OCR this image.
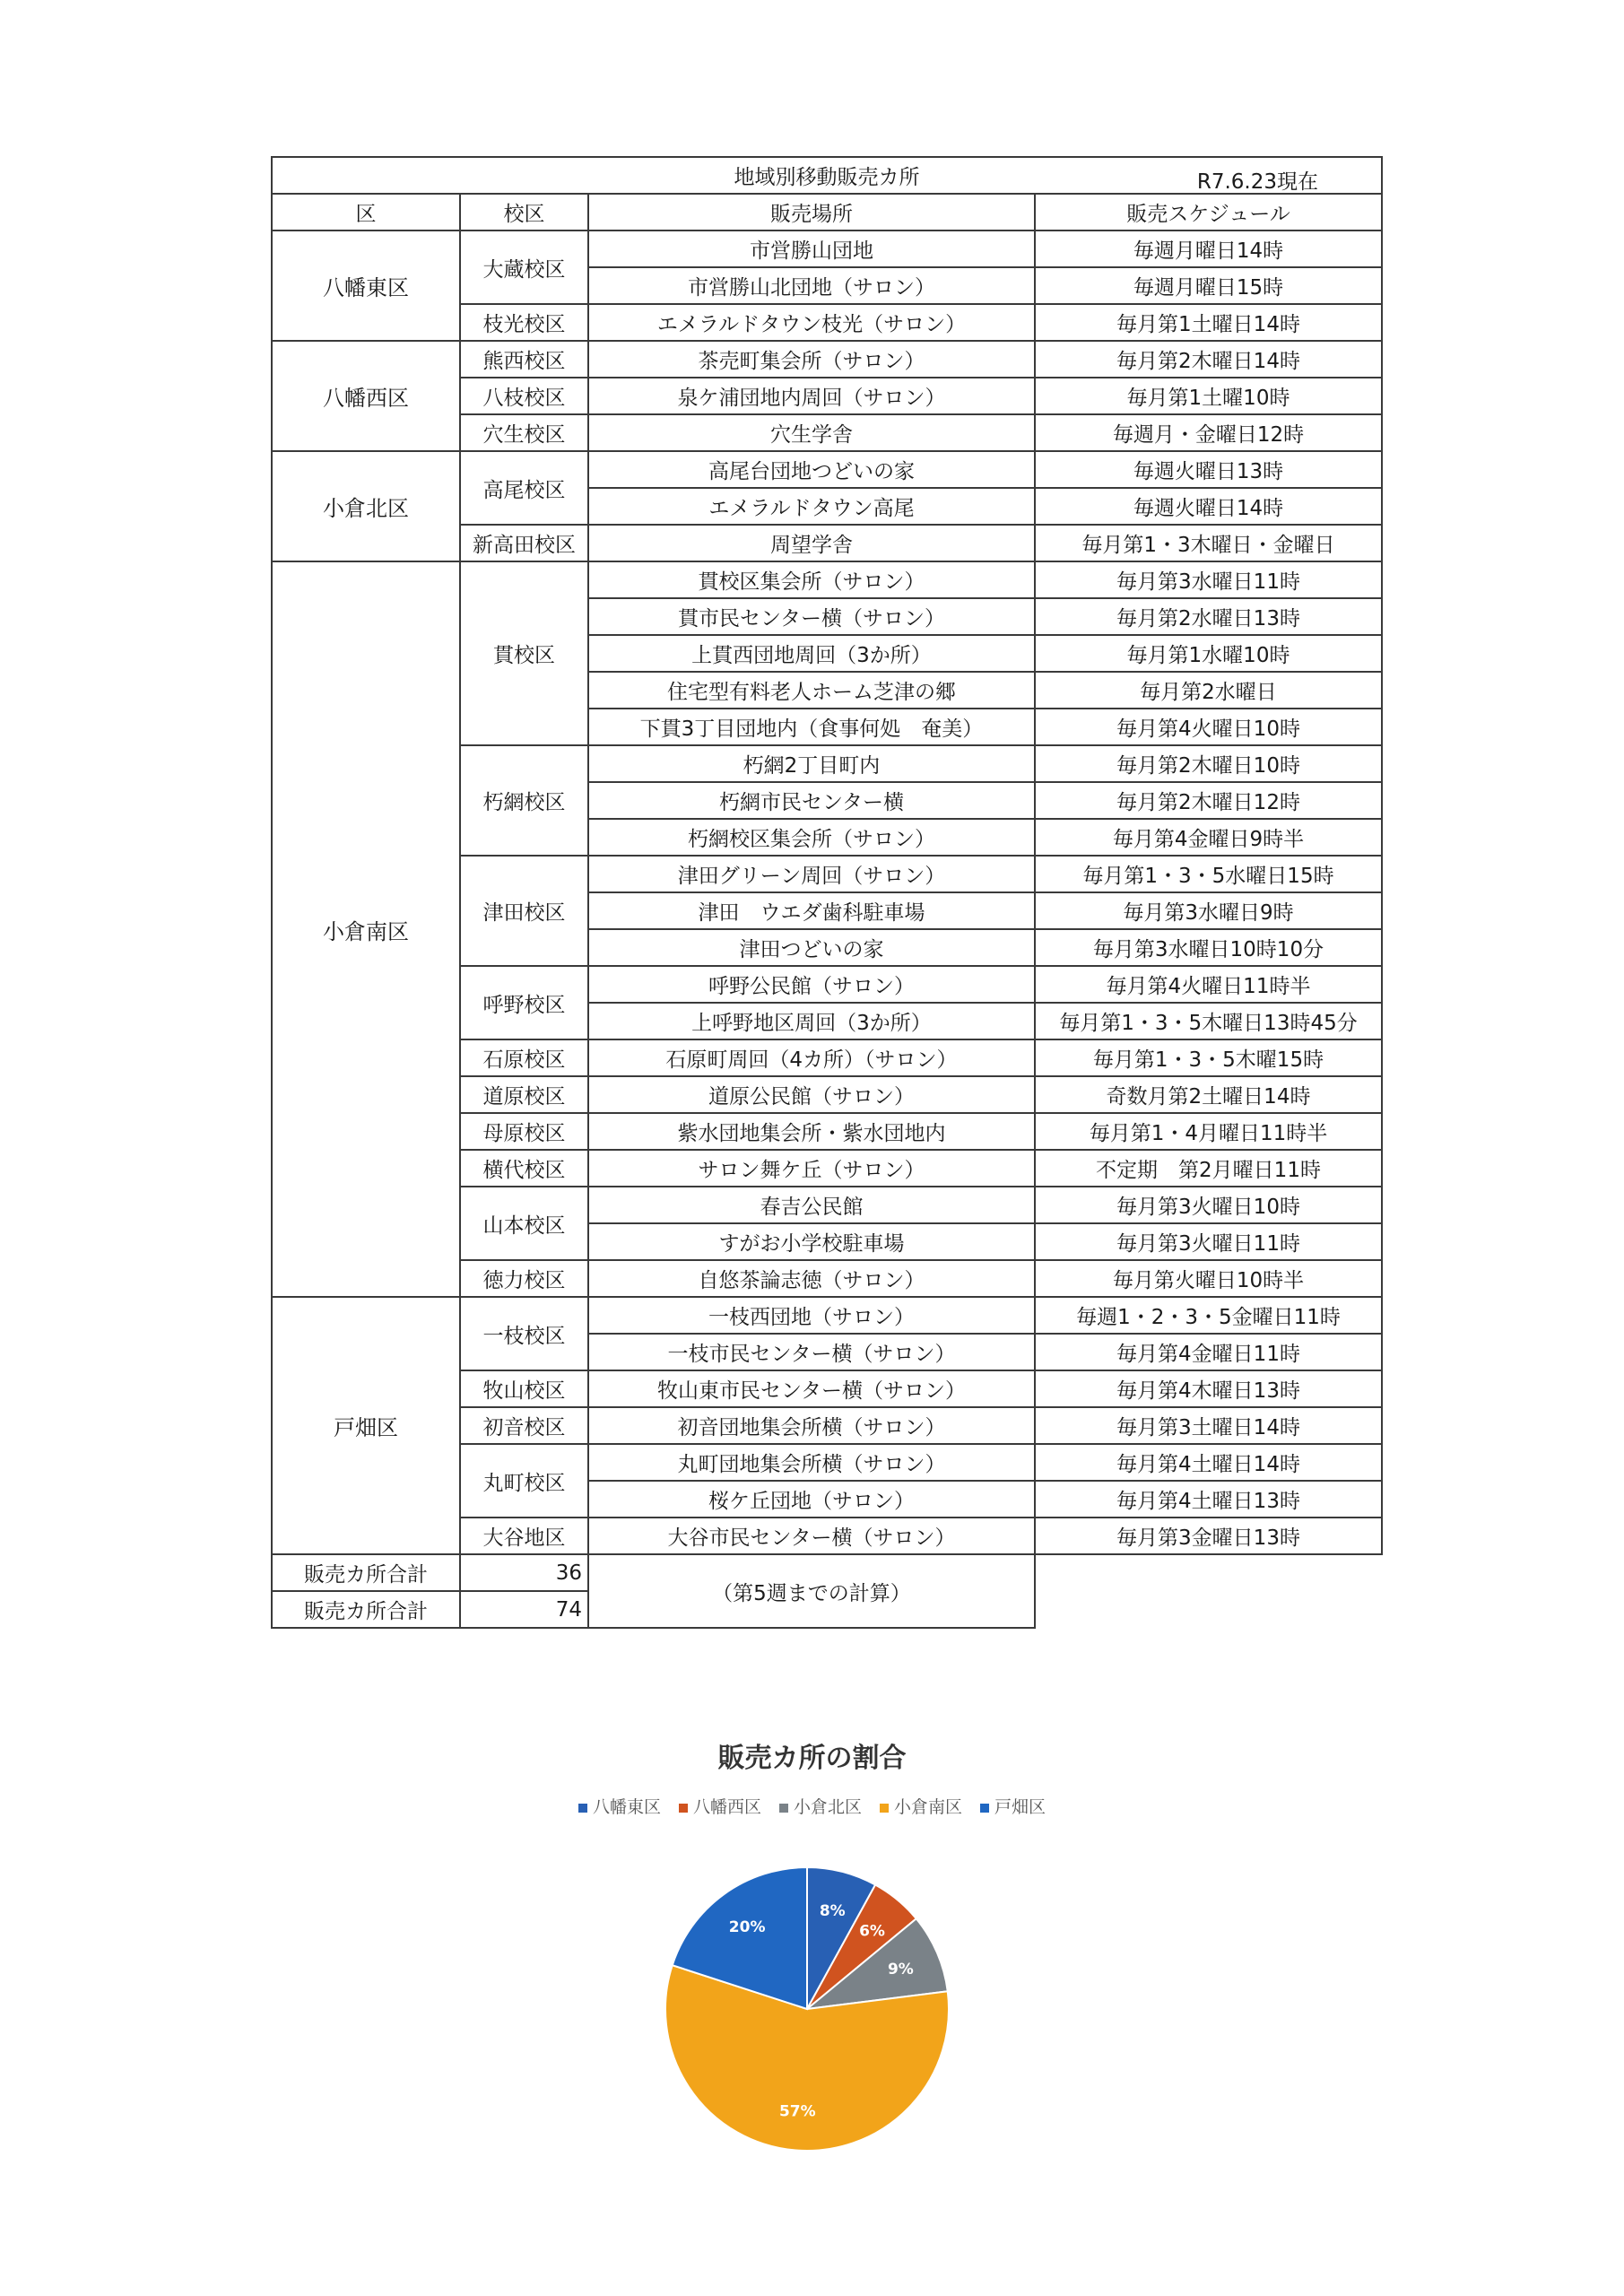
地域別移動販売カ所 R7.6.23現在			

区	校区	販売場所	販売スケジュール
八幡東区	大蔵校区	市営勝山団地	毎週月曜日14時
		市営勝山北団地（サロン）	毎週月曜日15時
	枝光校区	エメラルドタウン枝光（サロン）	毎月第1土曜日14時
八幡西区	熊西校区	茶売町集会所（サロン）	毎月第2木曜日14時
	八枝校区	泉ケ浦団地内周回（サロン）	毎月第1土曜10時
	穴生校区	穴生学舎	毎週月・金曜日12時
小倉北区	高尾校区	高尾台団地つどいの家	毎週火曜日13時
		エメラルドタウン高尾	毎週火曜日14時
	新高田校区	周望学舎	毎月第1・3木曜日・金曜日
小倉南区	貫校区	貫校区集会所（サロン）	毎月第3水曜日11時
		貫市民センター横（サロン）	毎月第2水曜日13時
		上貫西団地周回（3か所）	毎月第1水曜10時
		住宅型有料老人ホーム芝津の郷	毎月第2水曜日
		下貫3丁目団地内（食事何処　奄美）	毎月第4火曜日10時
	朽網校区	朽網2丁目町内	毎月第2木曜日10時
		朽網市民センター横	毎月第2木曜日12時
		朽網校区集会所（サロン）	毎月第4金曜日9時半
	津田校区	津田グリーン周回（サロン）	毎月第1・3・5水曜日15時
		津田　ウエダ歯科駐車場	毎月第3水曜日9時
		津田つどいの家	毎月第3水曜日10時10分
	呼野校区	呼野公民館（サロン）	毎月第4火曜日11時半
		上呼野地区周回（3か所）	毎月第1・3・5木曜日13時45分
	石原校区	石原町周回（4カ所）（サロン）	毎月第1・3・5木曜15時
	道原校区	道原公民館（サロン）	奇数月第2土曜日14時
	母原校区	紫水団地集会所・紫水団地内	毎月第1・4月曜日11時半
	横代校区	サロン舞ケ丘（サロン）	不定期　第2月曜日11時
	山本校区	春吉公民館	毎月第3火曜日10時
		すがお小学校駐車場	毎月第3火曜日11時
	徳力校区	自悠茶論志徳（サロン）	毎月第火曜日10時半
戸畑区	一枝校区	一枝西団地（サロン）	毎週1・2・3・5金曜日11時
		一枝市民センター横（サロン）	毎月第4金曜日11時
	牧山校区	牧山東市民センター横（サロン）	毎月第4木曜日13時
	初音校区	初音団地集会所横（サロン）	毎月第3土曜日14時
	丸町校区	丸町団地集会所横（サロン）	毎月第4土曜日14時
		桜ケ丘団地（サロン）	毎月第4土曜日13時
	大谷地区	大谷市民センター横（サロン）	毎月第3金曜日13時
販売カ所合計	36	（第5週までの計算）	
販売カ所合計	74		
販売カ所の割合
八幡東区 八幡西区 小倉北区 小倉南区 戸畑区
8%
6%
9%
57%
20%
